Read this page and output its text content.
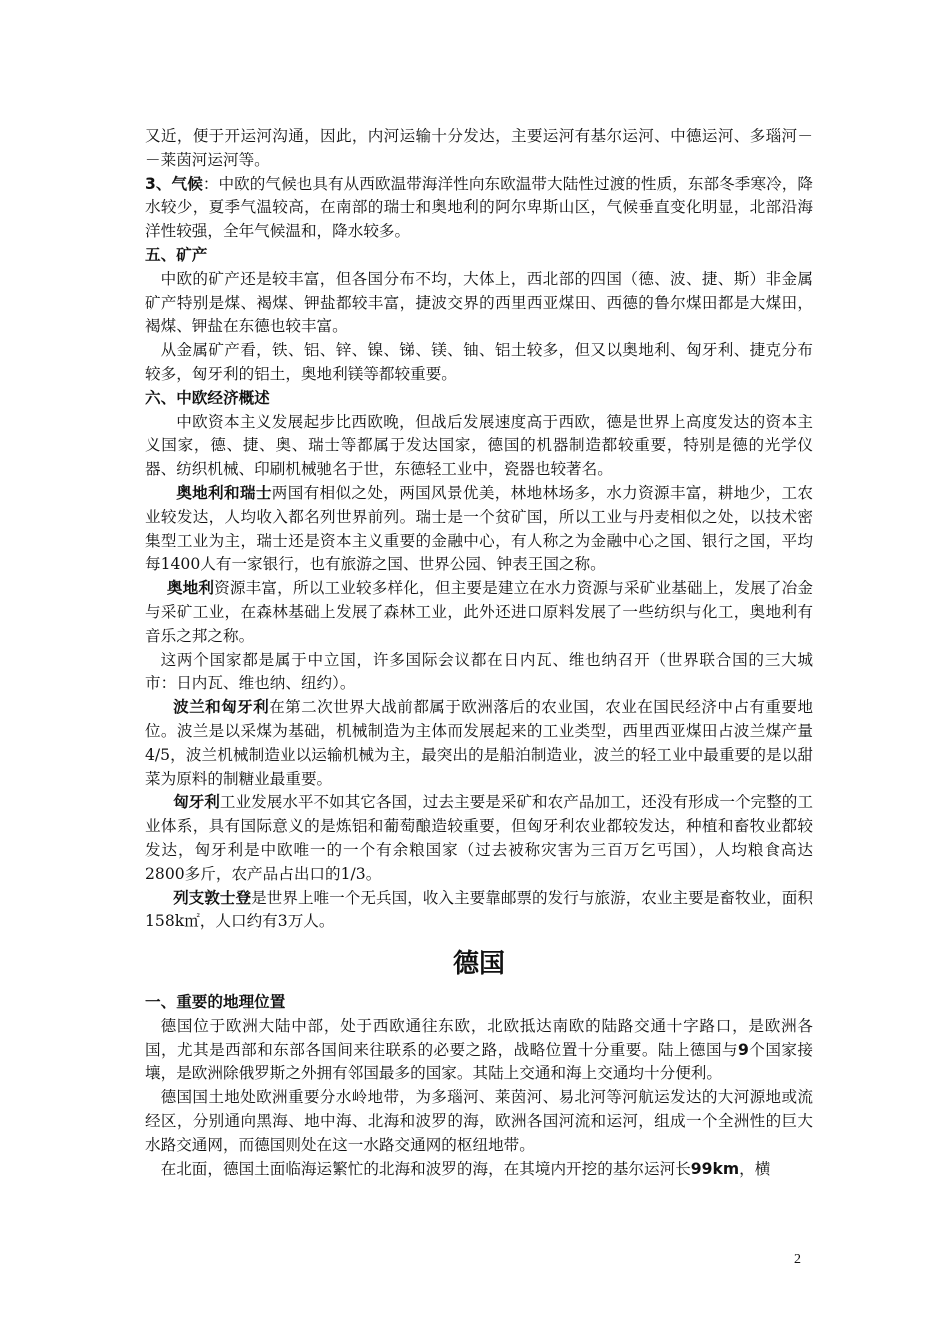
又近，便于开运河沟通，因此，内河运输十分发达，主要运河有基尔运河、中德运河、多瑙河－－莱茵河运河等。

3、气候：中欧的气候也具有从西欧温带海洋性向东欧温带大陆性过渡的性质，东部冬季寒冷，降水较少，夏季气温较高，在南部的瑞士和奥地利的阿尔卑斯山区，气候垂直变化明显，北部沿海洋性较强，全年气候温和，降水较多。

五、矿产

中欧的矿产还是较丰富，但各国分布不均，大体上，西北部的四国（德、波、捷、斯）非金属矿产特别是煤、褐煤、钾盐都较丰富，捷波交界的西里西亚煤田、西德的鲁尔煤田都是大煤田，褐煤、钾盐在东德也较丰富。

从金属矿产看，铁、铝、锌、镍、锑、镁、铀、铝土较多，但又以奥地利、匈牙利、捷克分布较多，匈牙利的铝土，奥地利镁等都较重要。

六、中欧经济概述

中欧资本主义发展起步比西欧晚，但战后发展速度高于西欧，德是世界上高度发达的资本主义国家，德、捷、奥、瑞士等都属于发达国家，德国的机器制造都较重要，特别是德的光学仪器、纺织机械、印刷机械驰名于世，东德轻工业中，瓷器也较著名。

奥地利和瑞士两国有相似之处，两国风景优美，林地林场多，水力资源丰富，耕地少，工农业较发达，人均收入都名列世界前列。瑞士是一个贫矿国，所以工业与丹麦相似之处，以技术密集型工业为主，瑞士还是资本主义重要的金融中心，有人称之为金融中心之国、银行之国，平均每1400人有一家银行，也有旅游之国、世界公园、钟表王国之称。

奥地利资源丰富，所以工业较多样化，但主要是建立在水力资源与采矿业基础上，发展了冶金与采矿工业，在森林基础上发展了森林工业，此外还进口原料发展了一些纺织与化工，奥地利有音乐之邦之称。

这两个国家都是属于中立国，许多国际会议都在日内瓦、维也纳召开（世界联合国的三大城市：日内瓦、维也纳、纽约）。

波兰和匈牙利在第二次世界大战前都属于欧洲落后的农业国，农业在国民经济中占有重要地位。波兰是以采煤为基础，机械制造为主体而发展起来的工业类型，西里西亚煤田占波兰煤产量4/5，波兰机械制造业以运输机械为主，最突出的是船泊制造业，波兰的轻工业中最重要的是以甜菜为原料的制糖业最重要。

匈牙利工业发展水平不如其它各国，过去主要是采矿和农产品加工，还没有形成一个完整的工业体系，具有国际意义的是炼铝和葡萄酿造较重要，但匈牙利农业都较发达，种植和畜牧业都较发达，匈牙利是中欧唯一的一个有余粮国家（过去被称灾害为三百万乞丐国），人均粮食高达2800多斤，农产品占出口的1/3。

列支敦士登是世界上唯一个无兵国，收入主要靠邮票的发行与旅游，农业主要是畜牧业，面积158k㎡，人口约有3万人。

德国

一、重要的地理位置

德国位于欧洲大陆中部，处于西欧通往东欧，北欧抵达南欧的陆路交通十字路口，是欧洲各国，尤其是西部和东部各国间来往联系的必要之路，战略位置十分重要。陆上德国与9个国家接壤，是欧洲除俄罗斯之外拥有邻国最多的国家。其陆上交通和海上交通均十分便利。

德国国土地处欧洲重要分水岭地带，为多瑙河、莱茵河、易北河等河航运发达的大河源地或流经区，分别通向黑海、地中海、北海和波罗的海，欧洲各国河流和运河，组成一个全洲性的巨大水路交通网，而德国则处在这一水路交通网的枢纽地带。

在北面，德国土面临海运繁忙的北海和波罗的海，在其境内开挖的基尔运河长99km，横

2
